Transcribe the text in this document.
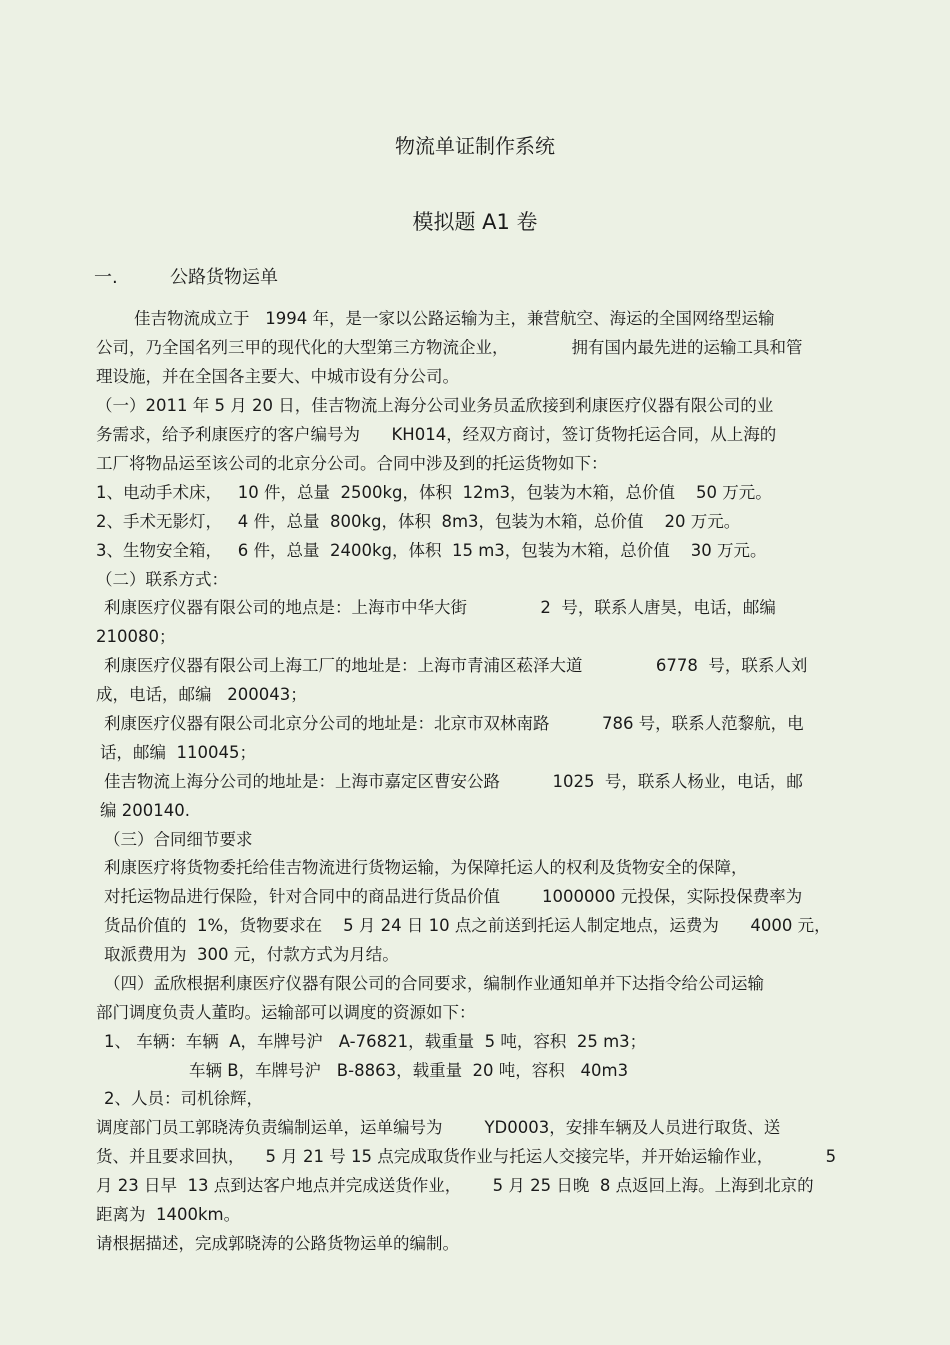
物流单证制作系统
模拟题 A1 卷
一.	公路货物运单
佳吉物流成立于   1994 年，是一家以公路运输为主，兼营航空、海运的全国网络型运输
公司，乃全国名列三甲的现代化的大型第三方物流企业，            拥有国内最先进的运输工具和管
理设施，并在全国各主要大、中城市设有分公司。
（一）2011 年 5 月 20 日，佳吉物流上海分公司业务员孟欣接到利康医疗仪器有限公司的业
务需求，给予利康医疗的客户编号为      KH014，经双方商讨，签订货物托运合同，从上海的
工厂将物品运至该公司的北京分公司。合同中涉及到的托运货物如下：
1、电动手术床，   10 件，总量  2500kg，体积  12m3，包装为木箱，总价值    50 万元。
2、手术无影灯，   4 件，总量  800kg，体积  8m3，包装为木箱，总价值    20 万元。
3、生物安全箱，   6 件，总量  2400kg，体积  15 m3，包装为木箱，总价值    30 万元。
（二）联系方式：
利康医疗仪器有限公司的地点是：上海市中华大街              2  号，联系人唐昊，电话，邮编
210080；
利康医疗仪器有限公司上海工厂的地址是：上海市青浦区菘泽大道              6778  号，联系人刘
成，电话，邮编   200043；
利康医疗仪器有限公司北京分公司的地址是：北京市双林南路          786 号，联系人范黎航，电
话，邮编  110045；
佳吉物流上海分公司的地址是：上海市嘉定区曹安公路          1025  号，联系人杨业，电话，邮
编 200140.
（三）合同细节要求
利康医疗将货物委托给佳吉物流进行货物运输，为保障托运人的权利及货物安全的保障，
对托运物品进行保险，针对合同中的商品进行货品价值        1000000 元投保，实际投保费率为
货品价值的  1%，货物要求在    5 月 24 日 10 点之前送到托运人制定地点，运费为      4000 元，
取派费用为  300 元，付款方式为月结。
（四）孟欣根据利康医疗仪器有限公司的合同要求，编制作业通知单并下达指令给公司运输
部门调度负责人董昀。运输部可以调度的资源如下：
1、 车辆：车辆  A，车牌号沪   A-76821，载重量  5 吨，容积  25 m3；
车辆 B，车牌号沪   B-8863，载重量  20 吨，容积   40m3
2、人员：司机徐辉，
调度部门员工郭晓涛负责编制运单，运单编号为        YD0003，安排车辆及人员进行取货、送
货、并且要求回执，    5 月 21 号 15 点完成取货作业与托运人交接完毕，并开始运输作业，          5
月 23 日早  13 点到达客户地点并完成送货作业，      5 月 25 日晚  8 点返回上海。上海到北京的
距离为  1400km。
请根据描述，完成郭晓涛的公路货物运单的编制。
